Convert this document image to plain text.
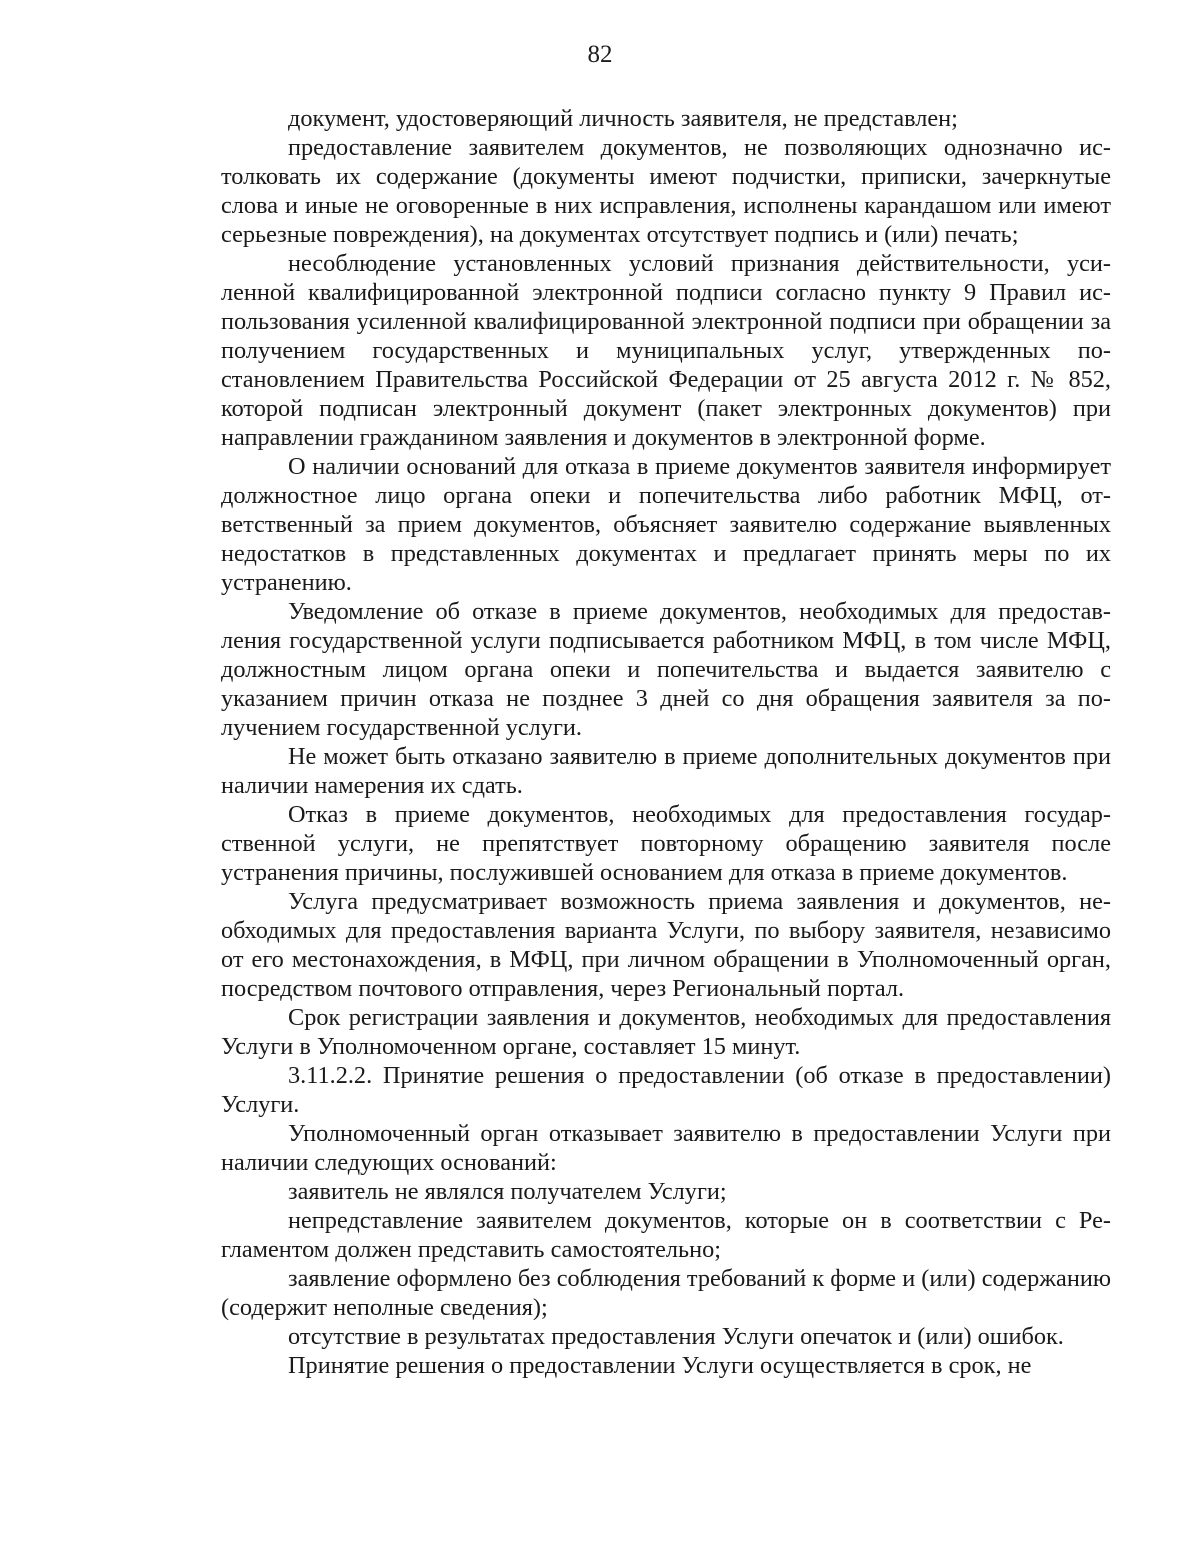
82

документ, удостоверяющий личность заявителя, не представлен;

предоставление заявителем документов, не позволяющих однозначно истолковать их содержание (документы имеют подчистки, приписки, зачеркнутые слова и иные не оговоренные в них исправления, исполнены карандашом или имеют серьезные повреждения), на документах отсутствует подпись и (или) печать;

несоблюдение установленных условий признания действительности, усиленной квалифицированной электронной подписи согласно пункту 9 Правил использования усиленной квалифицированной электронной подписи при обращении за получением государственных и муниципальных услуг, утвержденных постановлением Правительства Российской Федерации от 25 августа 2012 г. № 852, которой подписан электронный документ (пакет электронных документов) при направлении гражданином заявления и документов в электронной форме.

О наличии оснований для отказа в приеме документов заявителя информирует должностное лицо органа опеки и попечительства либо работник МФЦ, ответственный за прием документов, объясняет заявителю содержание выявленных недостатков в представленных документах и предлагает принять меры по их устранению.

Уведомление об отказе в приеме документов, необходимых для предоставления государственной услуги подписывается работником МФЦ, в том числе МФЦ, должностным лицом органа опеки и попечительства и выдается заявителю с указанием причин отказа не позднее 3 дней со дня обращения заявителя за получением государственной услуги.

Не может быть отказано заявителю в приеме дополнительных документов при наличии намерения их сдать.

Отказ в приеме документов, необходимых для предоставления государственной услуги, не препятствует повторному обращению заявителя после устранения причины, послужившей основанием для отказа в приеме документов.

Услуга предусматривает возможность приема заявления и документов, необходимых для предоставления варианта Услуги, по выбору заявителя, независимо от его местонахождения, в МФЦ, при личном обращении в Уполномоченный орган, посредством почтового отправления, через Региональный портал.

Срок регистрации заявления и документов, необходимых для предоставления Услуги в Уполномоченном органе, составляет 15 минут.

3.11.2.2. Принятие решения о предоставлении (об отказе в предоставлении) Услуги.

Уполномоченный орган отказывает заявителю в предоставлении Услуги при наличии следующих оснований:

заявитель не являлся получателем Услуги;

непредставление заявителем документов, которые он в соответствии с Регламентом должен представить самостоятельно;

заявление оформлено без соблюдения требований к форме и (или) содержанию (содержит неполные сведения);

отсутствие в результатах предоставления Услуги опечаток и (или) ошибок.

Принятие решения о предоставлении Услуги осуществляется в срок, не
